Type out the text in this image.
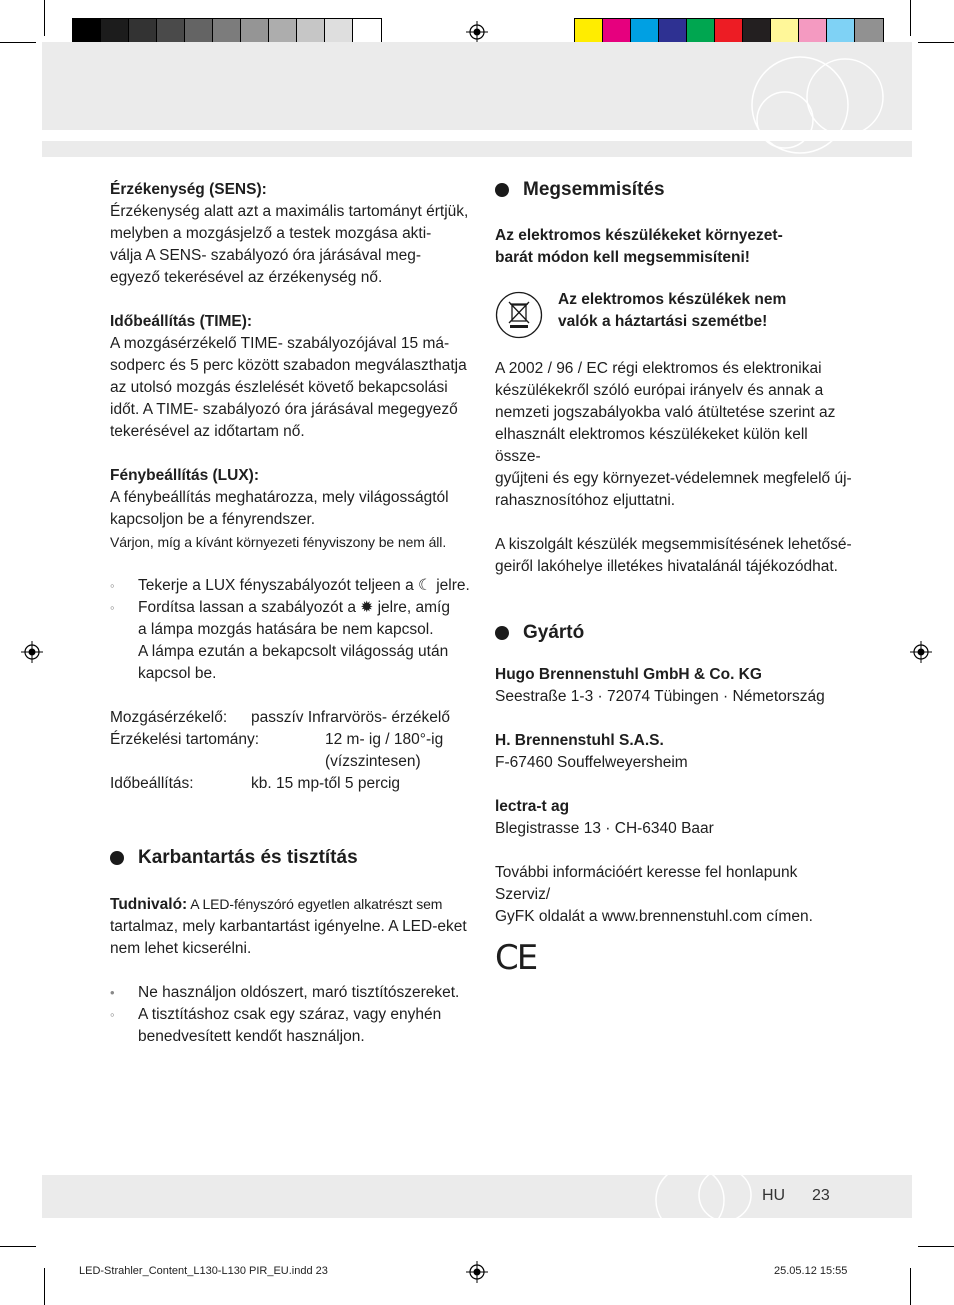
HU 23

Érzékenység (SENS):

Érzékenység alatt azt a maximális tartományt értjük,

melyben a mozgásjelző a testek mozgása akti-

válja A SENS- szabályozó óra járásával meg-

egyező tekerésével az érzékenység nő.

Időbeállítás (TIME):

A mozgásérzékelő TIME- szabályozójával 15 má-

sodperc és 5 perc között szabadon megválaszthatja

az utolsó mozgás észlelését követő bekapcsolási

időt. A TIME- szabályozó óra járásával megegyező

tekerésével az időtartam nő.

Fénybeállítás (LUX):

A fénybeállítás meghatározza, mely világosságtól

kapcsoljon be a fényrendszer.

Várjon, míg a kívánt környezeti fényviszony be nem áll.

◦	Tekerje a LUX fényszabályozót teljeen a ☾ jelre.

◦	Fordítsa lassan a szabályozót a ✹ jelre, amíg

a lámpa mozgás hatására be nem kapcsol.

A lámpa ezután a bekapcsolt világosság után

kapcsol be.

Mozgásérzékelő:	passzív Infrarvörös- érzékelő
Érzékelési tartomány:	12 m- ig / 180°-ig
(vízszintesen)
Időbeállítás:	kb. 15 mp-től 5 percig
Karbantartás és tisztítás

Tudnivaló: A LED-fényszóró egyetlen alkatrészt sem

tartalmaz, mely karbantartást igényelne. A LED-eket

nem lehet kicserélni.

•	Ne használjon oldószert, maró tisztítószereket.

◦	A tisztításhoz csak egy száraz, vagy enyhén

benedvesített kendőt használjon.

Megsemmisítés

Az elektromos készülékeket környezet-

barát módon kell megsemmisíteni!

Az elektromos készülékek nem

valók a háztartási szemétbe!

A 2002 / 96 / EC régi elektromos és elektronikai

készülékekről szóló európai irányelv és annak a

nemzeti jogszabályokba való átültetése szerint az

elhasznált elektromos készülékeket külön kell össze-

gyűjteni és egy környezet-védelemnek megfelelő új-

rahasznosítóhoz eljuttatni.

A kiszolgált készülék megsemmisítésének lehetősé-

geiről lakóhelye illetékes hivatalánál tájékozódhat.

Gyártó

Hugo Brennenstuhl GmbH & Co. KG

Seestraße 1-3 · 72074 Tübingen · Németország

H. Brennenstuhl S.A.S.

F-67460 Souffelweyersheim

lectra-t ag

Blegistrasse 13 · CH-6340 Baar

További információért keresse fel honlapunk Szerviz/

GyFK oldalát a www.brennenstuhl.com címen.

CE
LED-Strahler_Content_L130-L130 PIR_EU.indd 23	25.05.12 15:55
